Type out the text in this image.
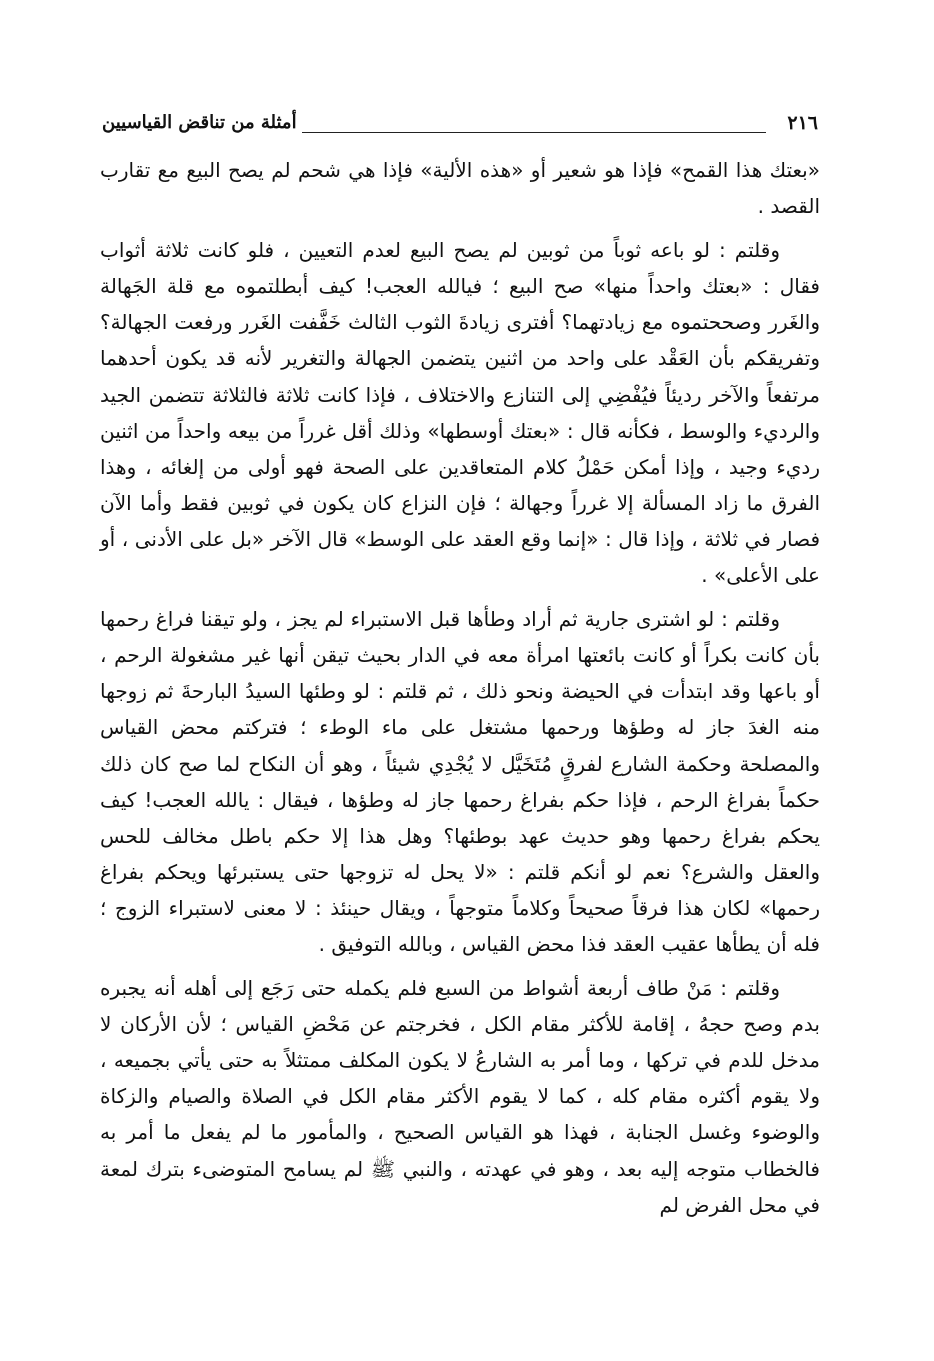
٢١٦
أمثلة من تناقض القياسيين

«بعتك هذا القمح» فإذا هو شعير أو «هذه الألية» فإذا هي شحم لم يصح البيع مع تقارب القصد .

وقلتم : لو باعه ثوباً من ثوبين لم يصح البيع لعدم التعيين ، فلو كانت ثلاثة أثواب فقال : «بعتك واحداً منها» صح البيع ؛ فيالله العجب! كيف أبطلتموه مع قلة الجَهالة والغَرر وصححتموه مع زيادتهما؟ أفترى زيادةَ الثوب الثالث خَفَّفت الغَرر ورفعت الجهالة؟ وتفريقكم بأن العَقْد على واحد من اثنين يتضمن الجهالة والتغرير لأنه قد يكون أحدهما مرتفعاً والآخر رديئاً فيُفْضِي إلى التنازع والاختلاف ، فإذا كانت ثلاثة فالثلاثة تتضمن الجيد والرديء والوسط ، فكأنه قال : «بعتك أوسطها» وذلك أقل غرراً من بيعه واحداً من اثنين رديء وجيد ، وإذا أمكن حَمْلُ كلام المتعاقدين على الصحة فهو أولى من إلغائه ، وهذا الفرق ما زاد المسألة إلا غرراً وجهالة ؛ فإن النزاع كان يكون في ثوبين فقط وأما الآن فصار في ثلاثة ، وإذا قال : «إنما وقع العقد على الوسط» قال الآخر «بل على الأدنى ، أو على الأعلى» .

وقلتم : لو اشترى جارية ثم أراد وطأها قبل الاستبراء لم يجز ، ولو تيقنا فراغ رحمها بأن كانت بكراً أو كانت بائعتها امرأة معه في الدار بحيث تيقن أنها غير مشغولة الرحم ، أو باعها وقد ابتدأت في الحيضة ونحو ذلك ، ثم قلتم : لو وطئها السيدُ البارحةَ ثم زوجها منه الغدَ جاز له وطؤها ورحمها مشتغل على ماء الوطء ؛ فتركتم محض القياس والمصلحة وحكمة الشارع لفرقٍ مُتَخَيَّل لا يُجْدِي شيئاً ، وهو أن النكاح لما صح كان ذلك حكماً بفراغ الرحم ، فإذا حكم بفراغ رحمها جاز له وطؤها ، فيقال : يالله العجب! كيف يحكم بفراغ رحمها وهو حديث عهد بوطئها؟ وهل هذا إلا حكم باطل مخالف للحس والعقل والشرع؟ نعم لو أنكم قلتم : «لا يحل له تزوجها حتى يستبرئها ويحكم بفراغ رحمها» لكان هذا فرقاً صحيحاً وكلاماً متوجهاً ، ويقال حينئذ : لا معنى لاستبراء الزوج ؛ فله أن يطأها عقيب العقد فذا محض القياس ، وبالله التوفيق .

وقلتم : مَنْ طاف أربعة أشواط من السبع فلم يكمله حتى رَجَع إلى أهله أنه يجبره بدم وصح حجهُ ، إقامة للأكثر مقام الكل ، فخرجتم عن مَحْضِ القياس ؛ لأن الأركان لا مدخل للدم في تركها ، وما أمر به الشارعُ لا يكون المكلف ممتثلاً به حتى يأتي بجميعه ، ولا يقوم أكثره مقام كله ، كما لا يقوم الأكثر مقام الكل في الصلاة والصيام والزكاة والوضوء وغسل الجنابة ، فهذا هو القياس الصحيح ، والمأمور ما لم يفعل ما أمر به فالخطاب متوجه إليه بعد ، وهو في عهدته ، والنبي ﷺ لم يسامح المتوضىء بترك لمعة في محل الفرض لم
